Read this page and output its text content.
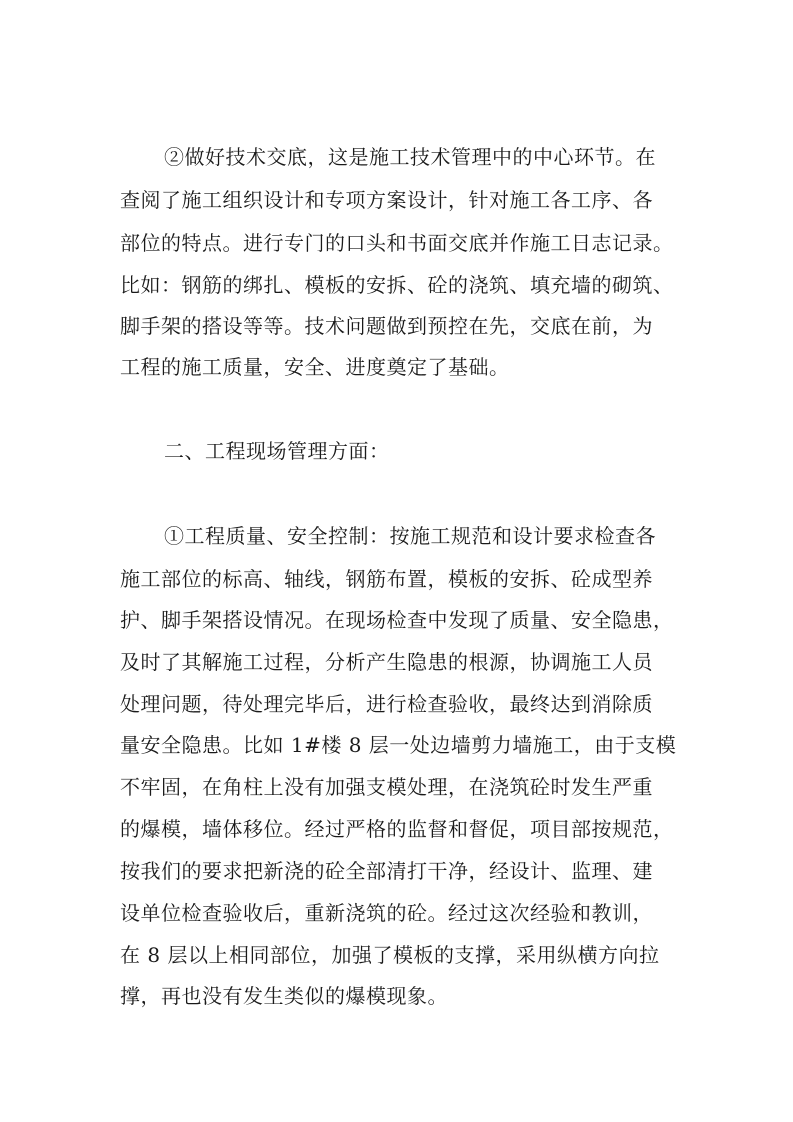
②做好技术交底，这是施工技术管理中的中心环节。在
查阅了施工组织设计和专项方案设计，针对施工各工序、各
部位的特点。进行专门的口头和书面交底并作施工日志记录。
比如：钢筋的绑扎、模板的安拆、砼的浇筑、填充墙的砌筑、
脚手架的搭设等等。技术问题做到预控在先，交底在前，为
工程的施工质量，安全、进度奠定了基础。
二、工程现场管理方面：
①工程质量、安全控制：按施工规范和设计要求检查各
施工部位的标高、轴线，钢筋布置，模板的安拆、砼成型养
护、脚手架搭设情况。在现场检查中发现了质量、安全隐患，
及时了其解施工过程，分析产生隐患的根源，协调施工人员
处理问题，待处理完毕后，进行检查验收，最终达到消除质
量安全隐患。比如 1#楼 8 层一处边墙剪力墙施工，由于支模
不牢固，在角柱上没有加强支模处理，在浇筑砼时发生严重
的爆模，墙体移位。经过严格的监督和督促，项目部按规范，
按我们的要求把新浇的砼全部清打干净，经设计、监理、建
设单位检查验收后，重新浇筑的砼。经过这次经验和教训，
在 8 层以上相同部位，加强了模板的支撑，采用纵横方向拉
撑，再也没有发生类似的爆模现象。
